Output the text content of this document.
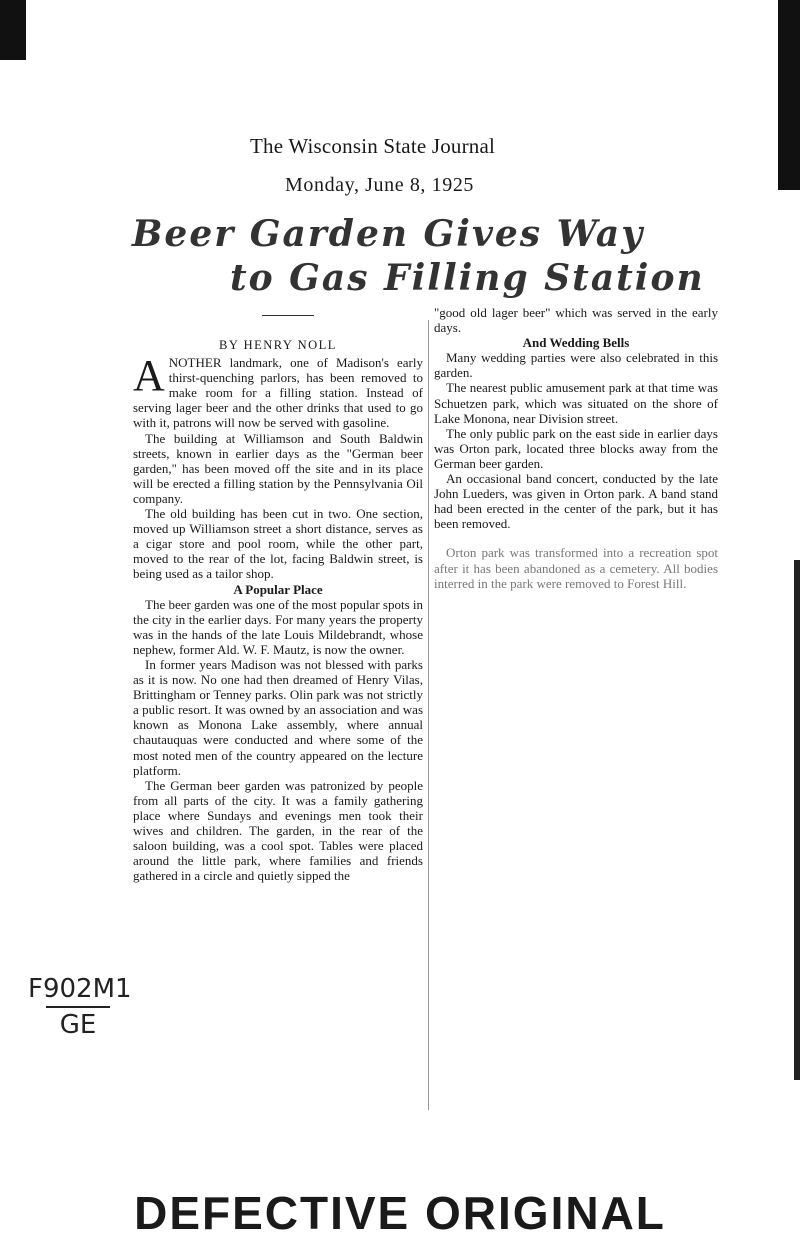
The Wisconsin State Journal
Monday, June 8, 1925
Beer Garden Gives Way
to Gas Filling Station
BY HENRY NOLL

ANOTHER landmark, one of Madison's early thirst-quenching parlors, has been removed to make room for a filling station. Instead of serving lager beer and the other drinks that used to go with it, patrons will now be served with gasoline.

The building at Williamson and South Baldwin streets, known in earlier days as the "German beer garden," has been moved off the site and in its place will be erected a filling station by the Pennsylvania Oil company.

The old building has been cut in two. One section, moved up Williamson street a short distance, serves as a cigar store and pool room, while the other part, moved to the rear of the lot, facing Baldwin street, is being used as a tailor shop.

A Popular Place

The beer garden was one of the most popular spots in the city in the earlier days. For many years the property was in the hands of the late Louis Mildebrandt, whose nephew, former Ald. W. F. Mautz, is now the owner.

In former years Madison was not blessed with parks as it is now. No one had then dreamed of Henry Vilas, Brittingham or Tenney parks. Olin park was not strictly a public resort. It was owned by an association and was known as Monona Lake assembly, where annual chautauquas were conducted and where some of the most noted men of the country appeared on the lecture platform.

The German beer garden was patronized by people from all parts of the city. It was a family gathering place where Sundays and evenings men took their wives and children. The garden, in the rear of the saloon building, was a cool spot. Tables were placed around the little park, where families and friends gathered in a circle and quietly sipped the

"good old lager beer" which was served in the early days.

And Wedding Bells

Many wedding parties were also celebrated in this garden.

The nearest public amusement park at that time was Schuetzen park, which was situated on the shore of Lake Monona, near Division street.

The only public park on the east side in earlier days was Orton park, located three blocks away from the German beer garden.

An occasional band concert, conducted by the late John Lueders, was given in Orton park. A band stand had been erected in the center of the park, but it has been removed.

Orton park was transformed into a recreation spot after it has been abandoned as a cemetery. All bodies interred in the park were removed to Forest Hill.

F902M1
GE
DEFECTIVE ORIGINAL
